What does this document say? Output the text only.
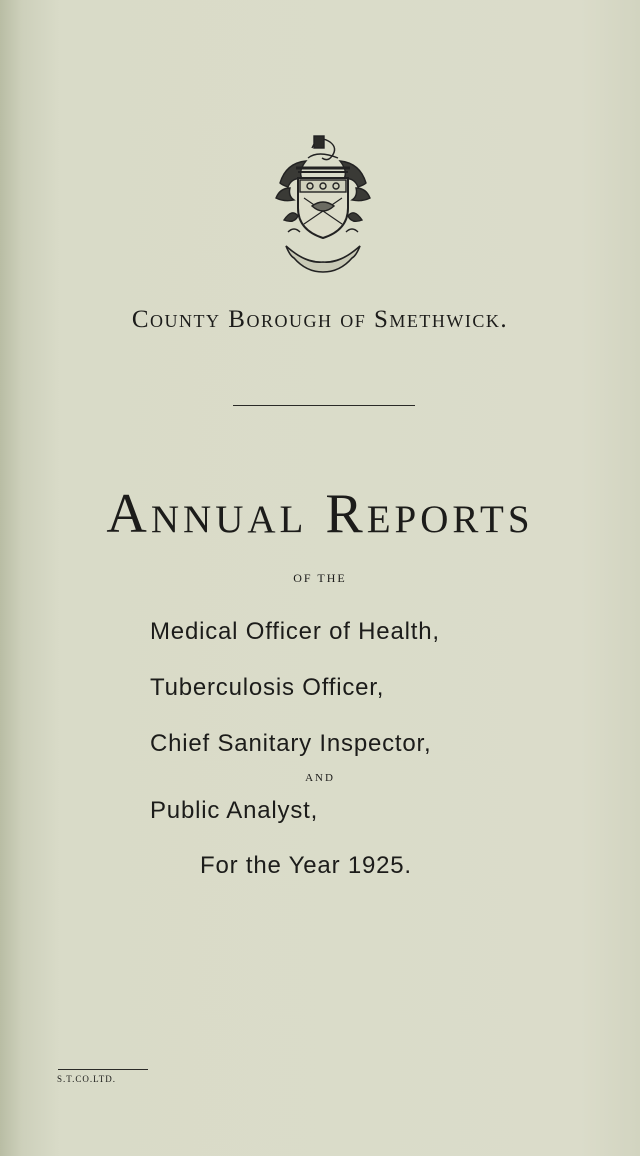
County Borough of Smethwick.
Annual Reports
OF THE
Medical Officer of Health,
Tuberculosis Officer,
Chief Sanitary Inspector,
AND
Public Analyst,
For the Year 1925.
S.T.CO.LTD.
